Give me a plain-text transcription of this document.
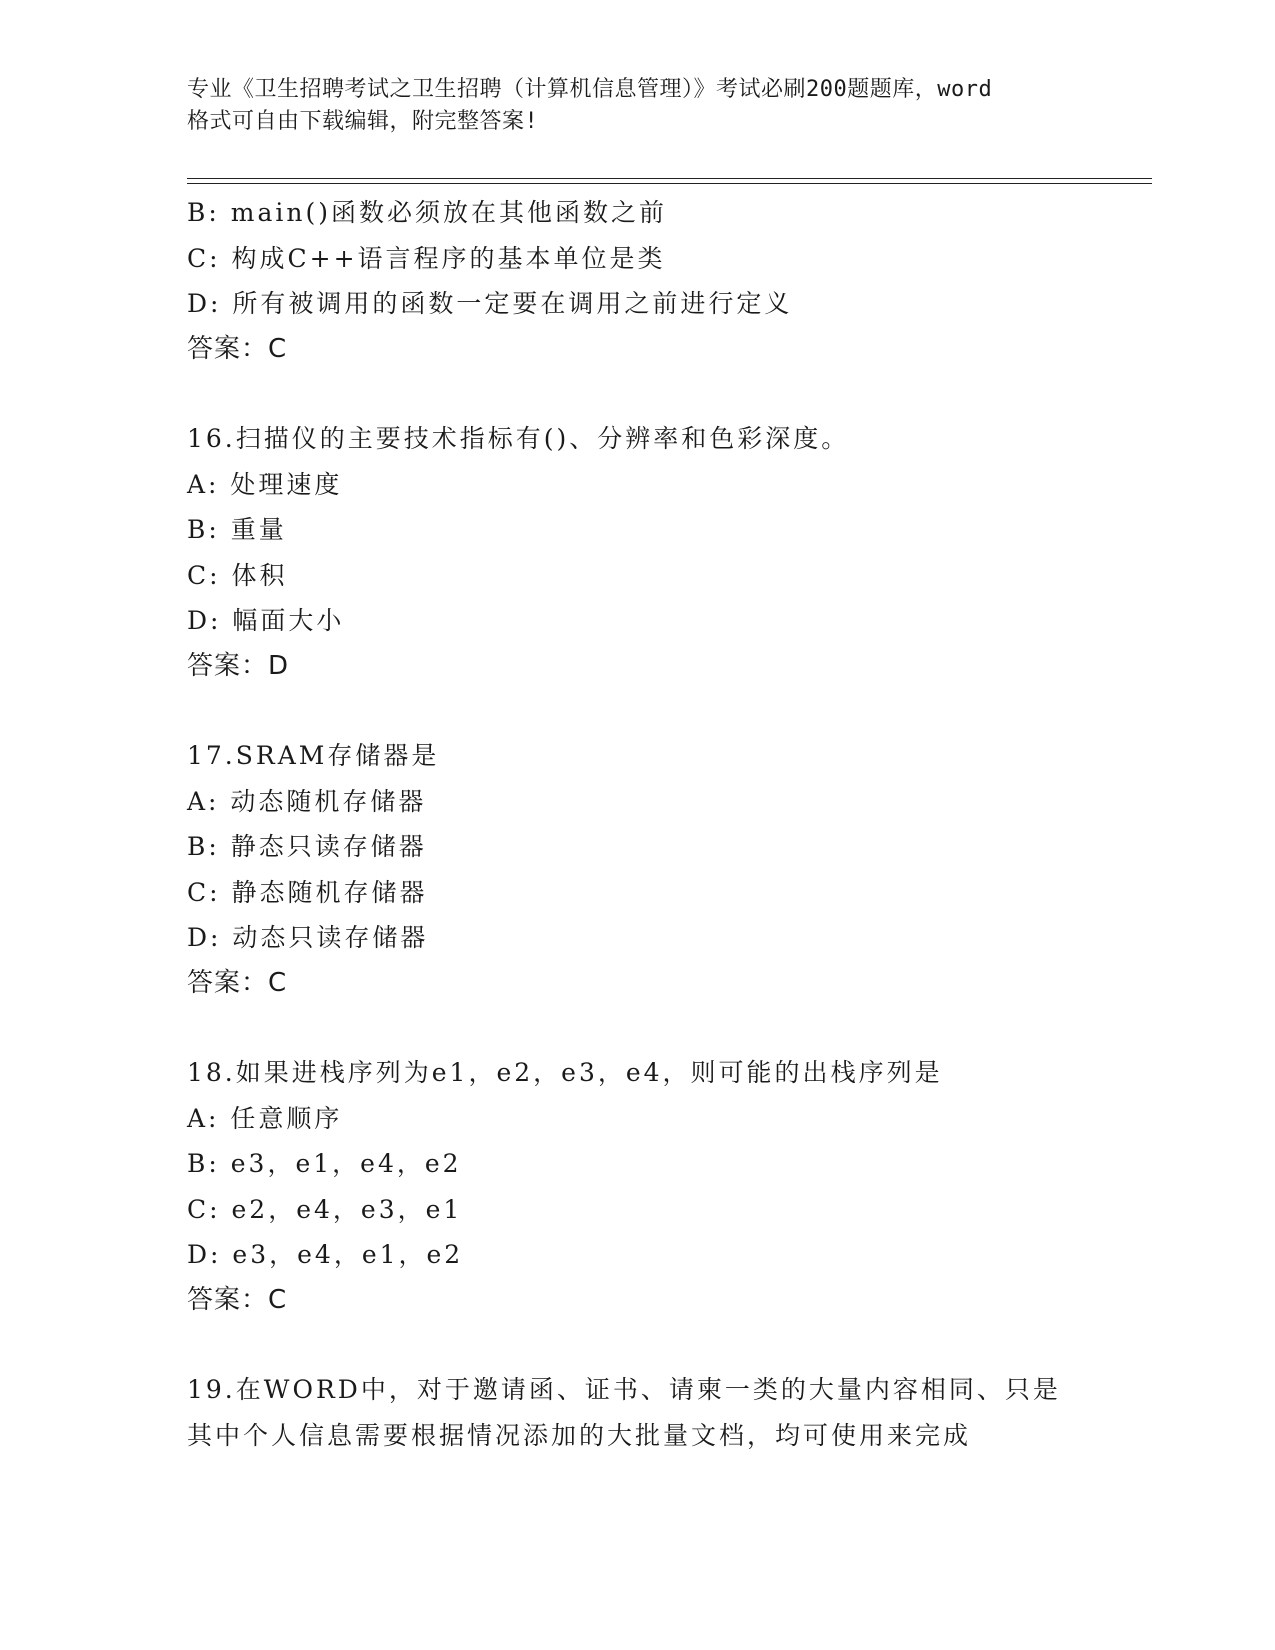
专业《卫生招聘考试之卫生招聘（计算机信息管理）》考试必刷200题题库，word
格式可自由下载编辑，附完整答案!
B: main()函数必须放在其他函数之前
C: 构成C++语言程序的基本单位是类
D: 所有被调用的函数一定要在调用之前进行定义
答案：C
16.扫描仪的主要技术指标有()、分辨率和色彩深度。
A: 处理速度
B: 重量
C: 体积
D: 幅面大小
答案：D
17.SRAM存储器是
A: 动态随机存储器
B: 静态只读存储器
C: 静态随机存储器
D: 动态只读存储器
答案：C
18.如果进栈序列为e1，e2，e3，e4，则可能的出栈序列是
A: 任意顺序
B: e3，e1，e4，e2
C: e2，e4，e3，e1
D: e3，e4，e1，e2
答案：C
19.在WORD中，对于邀请函、证书、请柬一类的大量内容相同、只是
其中个人信息需要根据情况添加的大批量文档，均可使用来完成
